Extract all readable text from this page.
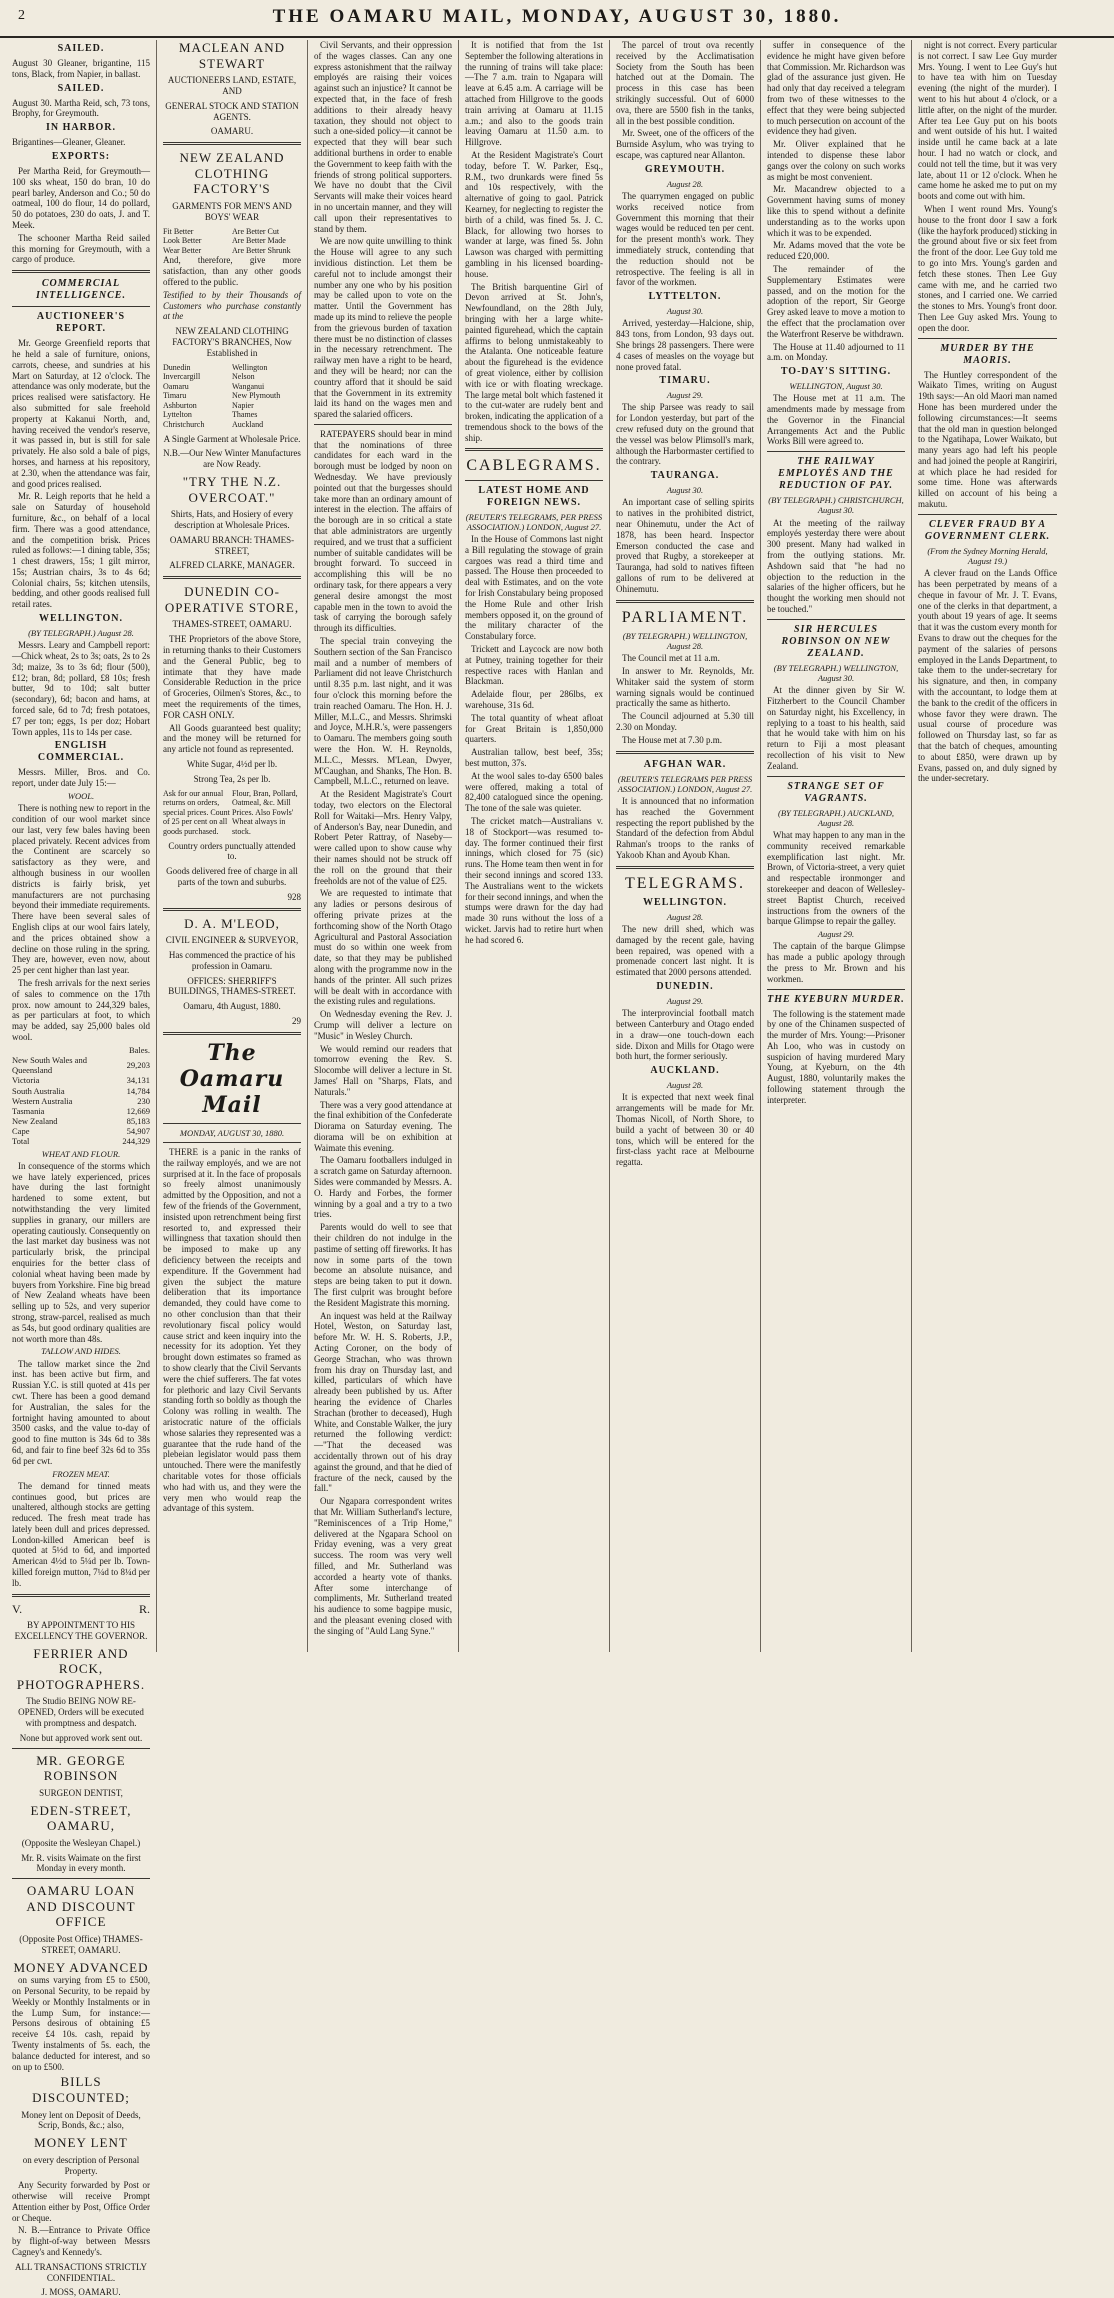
2	THE OAMARU MAIL, MONDAY, AUGUST 30, 1880.
SAILED.

August 30 Gleaner, brigantine, 115 tons, Black, from Napier, in ballast.

SAILED.

August 30. Martha Reid, sch, 73 tons, Brophy, for Greymouth.

IN HARBOR.

Brigantines—Gleaner, Gleaner.

EXPORTS:

Per Martha Reid, for Greymouth—100 sks wheat, 150 do bran, 10 do pearl barley, Anderson and Co.; 50 do oatmeal, 100 do flour, 14 do pollard, 50 do potatoes, 230 do oats, J. and T. Meek.

The schooner Martha Reid sailed this morning for Greymouth, with a cargo of produce.

COMMERCIAL INTELLIGENCE.
AUCTIONEER'S REPORT.

Mr. George Greenfield reports that he held a sale of furniture, onions, carrots, cheese, and sundries at his Mart on Saturday, at 12 o'clock. The attendance was only moderate, but the prices realised were satisfactory. He also submitted for sale freehold property at Kakanui North, and, having received the vendor's reserve, it was passed in, but is still for sale privately. He also sold a bale of pigs, horses, and harness at his repository, at 2.30, when the attendance was fair, and good prices realised.

Mr. R. Leigh reports that he held a sale on Saturday of household furniture, &c., on behalf of a local firm. There was a good attendance, and the competition brisk. Prices ruled as follows:—1 dining table, 35s; 1 chest drawers, 15s; 1 gilt mirror, 15s; Austrian chairs, 3s to 4s 6d; Colonial chairs, 5s; kitchen utensils, bedding, and other goods realised full retail rates.

WELLINGTON.
(BY TELEGRAPH.) August 28.

Messrs. Leary and Campbell report:—Chick wheat, 2s to 3s; oats, 2s to 2s 3d; maize, 3s to 3s 6d; flour (500), £12; bran, 8d; pollard, £8 10s; fresh butter, 9d to 10d; salt butter (secondary), 6d; bacon and hams, at forced sale, 6d to 7d; fresh potatoes, £7 per ton; eggs, 1s per doz; Hobart Town apples, 11s to 14s per case.

ENGLISH COMMERCIAL.

Messrs. Miller, Bros. and Co. report, under date July 15:—

WOOL.

There is nothing new to report in the condition of our wool market since our last, very few bales having been placed privately. Recent advices from the Continent are scarcely so satisfactory as they were, and although business in our woollen districts is fairly brisk, yet manufacturers are not purchasing beyond their immediate requirements. There have been several sales of English clips at our wool fairs lately, and the prices obtained show a decline on those ruling in the spring. They are, however, even now, about 25 per cent higher than last year.

The fresh arrivals for the next series of sales to commence on the 17th prox. now amount to 244,329 bales, as per particulars at foot, to which may be added, say 25,000 bales old wool.

	Bales.
New South Wales and Queensland	29,203
Victoria	34,131
South Australia	14,784
Western Australia	230
Tasmania	12,669
New Zealand	85,183
Cape	54,907
Total	244,329
WHEAT AND FLOUR.

In consequence of the storms which we have lately experienced, prices have during the last fortnight hardened to some extent, but notwithstanding the very limited supplies in granary, our millers are operating cautiously. Consequently on the last market day business was not particularly brisk, the principal enquiries for the better class of colonial wheat having been made by buyers from Yorkshire. Fine big bread of New Zealand wheats have been selling up to 52s, and very superior strong, straw-parcel, realised as much as 54s, but good ordinary qualities are not worth more than 48s.

TALLOW AND HIDES.

The tallow market since the 2nd inst. has been active but firm, and Russian Y.C. is still quoted at 41s per cwt. There has been a good demand for Australian, the sales for the fortnight having amounted to about 3500 casks, and the value to-day of good to fine mutton is 34s 6d to 38s 6d, and fair to fine beef 32s 6d to 35s 6d per cwt.

FROZEN MEAT.

The demand for tinned meats continues good, but prices are unaltered, although stocks are getting reduced. The fresh meat trade has lately been dull and prices depressed. London-killed American beef is quoted at 5½d to 6d, and imported American 4½d to 5¼d per lb. Town-killed foreign mutton, 7¼d to 8¼d per lb.

V.	R.
BY APPOINTMENT TO HIS EXCELLENCY THE GOVERNOR.
FERRIER AND ROCK, PHOTOGRAPHERS.
The Studio BEING NOW RE-OPENED, Orders will be executed with promptness and despatch.
None but approved work sent out.
MR. GEORGE ROBINSON
SURGEON DENTIST,
EDEN-STREET, OAMARU,
(Opposite the Wesleyan Chapel.)
Mr. R. visits Waimate on the first Monday in every month.
OAMARU LOAN AND DISCOUNT OFFICE
(Opposite Post Office) THAMES-STREET, OAMARU.
MONEY ADVANCED

on sums varying from £5 to £500, on Personal Security, to be repaid by Weekly or Monthly Instalments or in the Lump Sum, for instance:—Persons desirous of obtaining £5 receive £4 10s. cash, repaid by Twenty instalments of 5s. each, the balance deducted for interest, and so on up to £500.

BILLS DISCOUNTED;
Money lent on Deposit of Deeds, Scrip, Bonds, &c.; also,
MONEY LENT
on every description of Personal Property.

Any Security forwarded by Post or otherwise will receive Prompt Attention either by Post, Office Order or Cheque.

N. B.—Entrance to Private Office by flight-of-way between Messrs Cagney's and Kennedy's.

ALL TRANSACTIONS STRICTLY CONFIDENTIAL.
J. MOSS, OAMARU.
MACLEAN AND STEWART
AUCTIONEERS LAND, ESTATE, AND
GENERAL STOCK AND STATION AGENTS.
OAMARU.
NEW ZEALAND CLOTHING FACTORY'S
GARMENTS FOR MEN'S AND BOYS' WEAR
Fit Better
Look Better
Wear Better
Are Better Cut
Are Better Made
Are Better Shrunk

And, therefore, give more satisfaction, than any other goods offered to the public.

Testified to by their Thousands of Customers who purchase constantly at the

NEW ZEALAND CLOTHING FACTORY'S BRANCHES, Now Established in
Dunedin
Invercargill
Oamaru
Timaru
Ashburton
Lyttelton
Christchurch
Wellington
Nelson
Wanganui
New Plymouth
Napier
Thames
Auckland
A Single Garment at Wholesale Price.
N.B.—Our New Winter Manufactures are Now Ready.
"TRY THE N.Z. OVERCOAT."
Shirts, Hats, and Hosiery of every description at Wholesale Prices.
OAMARU BRANCH: THAMES-STREET,
ALFRED CLARKE, MANAGER.
DUNEDIN CO-OPERATIVE STORE,
THAMES-STREET, OAMARU.

THE Proprietors of the above Store, in returning thanks to their Customers and the General Public, beg to intimate that they have made Considerable Reduction in the price of Groceries, Oilmen's Stores, &c., to meet the requirements of the times, FOR CASH ONLY.

All Goods guaranteed best quality; and the money will be returned for any article not found as represented.

White Sugar, 4½d per lb.
Strong Tea, 2s per lb.
Ask for our annual returns on orders, special prices. Count of 25 per cent on all goods purchased.
Flour, Bran, Pollard, Oatmeal, &c. Mill Prices. Also Fowls' Wheat always in stock.
Country orders punctually attended to.
Goods delivered free of charge in all parts of the town and suburbs.
928
D. A. M'LEOD,
CIVIL ENGINEER & SURVEYOR,
Has commenced the practice of his profession in Oamaru.
OFFICES: SHERRIFF'S BUILDINGS, THAMES-STREET.
Oamaru, 4th August, 1880.
29
The Oamaru Mail
MONDAY, AUGUST 30, 1880.

THERE is a panic in the ranks of the railway employés, and we are not surprised at it. In the face of proposals so freely almost unanimously admitted by the Opposition, and not a few of the friends of the Government, insisted upon retrenchment being first resorted to, and expressed their willingness that taxation should then be imposed to make up any deficiency between the receipts and expenditure. If the Government had given the subject the mature deliberation that its importance demanded, they could have come to no other conclusion than that their revolutionary fiscal policy would cause strict and keen inquiry into the necessity for its adoption. Yet they brought down estimates so framed as to show clearly that the Civil Servants were the chief sufferers. The fat votes for plethoric and lazy Civil Servants standing forth so boldly as though the Colony was rolling in wealth. The aristocratic nature of the officials whose salaries they represented was a guarantee that the rude hand of the plebeian legislator would pass them untouched. There were the manifestly charitable votes for those officials who had with us, and they were the very men who would reap the advantage of this system.

Civil Servants, and their oppression of the wages classes. Can any one express astonishment that the railway employés are raising their voices against such an injustice? It cannot be expected that, in the face of fresh additions to their already heavy taxation, they should not object to such a one-sided policy—it cannot be expected that they will bear such additional burthens in order to enable the Government to keep faith with the friends of strong political supporters. We have no doubt that the Civil Servants will make their voices heard in no uncertain manner, and they will call upon their representatives to stand by them.

We are now quite unwilling to think the House will agree to any such invidious distinction. Let them be careful not to include amongst their number any one who by his position may be called upon to vote on the matter. Until the Government has made up its mind to relieve the people from the grievous burden of taxation there must be no distinction of classes in the necessary retrenchment. The railway men have a right to be heard, and they will be heard; nor can the country afford that it should be said that the Government in its extremity laid its hand on the wages men and spared the salaried officers.

RATEPAYERS should bear in mind that the nominations of three candidates for each ward in the borough must be lodged by noon on Wednesday. We have previously pointed out that the burgesses should take more than an ordinary amount of interest in the election. The affairs of the borough are in so critical a state that able administrators are urgently required, and we trust that a sufficient number of suitable candidates will be brought forward. To succeed in accomplishing this will be no ordinary task, for there appears a very general desire amongst the most capable men in the town to avoid the task of carrying the borough safely through its difficulties.

The special train conveying the Southern section of the San Francisco mail and a number of members of Parliament did not leave Christchurch until 8.35 p.m. last night, and it was four o'clock this morning before the train reached Oamaru. The Hon. H. J. Miller, M.L.C., and Messrs. Shrimski and Joyce, M.H.R.'s, were passengers to Oamaru. The members going south were the Hon. W. H. Reynolds, M.L.C., Messrs. M'Lean, Dwyer, M'Caughan, and Shanks, The Hon. B. Campbell, M.L.C., returned on leave.

At the Resident Magistrate's Court today, two electors on the Electoral Roll for Waitaki—Mrs. Henry Valpy, of Anderson's Bay, near Dunedin, and Robert Peter Rattray, of Naseby—were called upon to show cause why their names should not be struck off the roll on the ground that their freeholds are not of the value of £25.

We are requested to intimate that any ladies or persons desirous of offering private prizes at the forthcoming show of the North Otago Agricultural and Pastoral Association must do so within one week from date, so that they may be published along with the programme now in the hands of the printer. All such prizes will be dealt with in accordance with the existing rules and regulations.

On Wednesday evening the Rev. J. Crump will deliver a lecture on "Music" in Wesley Church.

We would remind our readers that tomorrow evening the Rev. S. Slocombe will deliver a lecture in St. James' Hall on "Sharps, Flats, and Naturals."

There was a very good attendance at the final exhibition of the Confederate Diorama on Saturday evening. The diorama will be on exhibition at Waimate this evening.

The Oamaru footballers indulged in a scratch game on Saturday afternoon. Sides were commanded by Messrs. A. O. Hardy and Forbes, the former winning by a goal and a try to a two tries.

Parents would do well to see that their children do not indulge in the pastime of setting off fireworks. It has now in some parts of the town become an absolute nuisance, and steps are being taken to put it down. The first culprit was brought before the Resident Magistrate this morning.

An inquest was held at the Railway Hotel, Weston, on Saturday last, before Mr. W. H. S. Roberts, J.P., Acting Coroner, on the body of George Strachan, who was thrown from his dray on Thursday last, and killed, particulars of which have already been published by us. After hearing the evidence of Charles Strachan (brother to deceased), Hugh White, and Constable Walker, the jury returned the following verdict:—"That the deceased was accidentally thrown out of his dray against the ground, and that he died of fracture of the neck, caused by the fall."

Our Ngapara correspondent writes that Mr. William Sutherland's lecture, "Reminiscences of a Trip Home," delivered at the Ngapara School on Friday evening, was a very great success. The room was very well filled, and Mr. Sutherland was accorded a hearty vote of thanks. After some interchange of compliments, Mr. Sutherland treated his audience to some bagpipe music, and the pleasant evening closed with the singing of "Auld Lang Syne."

It is notified that from the 1st September the following alterations in the running of trains will take place:—The 7 a.m. train to Ngapara will leave at 6.45 a.m. A carriage will be attached from Hillgrove to the goods train arriving at Oamaru at 11.15 a.m.; and also to the goods train leaving Oamaru at 11.50 a.m. to Hillgrove.

At the Resident Magistrate's Court today, before T. W. Parker, Esq., R.M., two drunkards were fined 5s and 10s respectively, with the alternative of going to gaol. Patrick Kearney, for neglecting to register the birth of a child, was fined 5s. J. C. Black, for allowing two horses to wander at large, was fined 5s. John Lawson was charged with permitting gambling in his licensed boarding-house.

The British barquentine Girl of Devon arrived at St. John's, Newfoundland, on the 28th July, bringing with her a large white-painted figurehead, which the captain affirms to belong unmistakeably to the Atalanta. One noticeable feature about the figurehead is the evidence of great violence, either by collision with ice or with floating wreckage. The large metal bolt which fastened it to the cut-water are rudely bent and broken, indicating the application of a tremendous shock to the bows of the ship.

CABLEGRAMS.
LATEST HOME AND FOREIGN NEWS.
(REUTER'S TELEGRAMS, PER PRESS ASSOCIATION.) LONDON, August 27.

In the House of Commons last night a Bill regulating the stowage of grain cargoes was read a third time and passed. The House then proceeded to deal with Estimates, and on the vote for Irish Constabulary being proposed the Home Rule and other Irish members opposed it, on the ground of the military character of the Constabulary force.

Trickett and Laycock are now both at Putney, training together for their respective races with Hanlan and Blackman.

Adelaide flour, per 286lbs, ex warehouse, 31s 6d.

The total quantity of wheat afloat for Great Britain is 1,850,000 quarters.

Australian tallow, best beef, 35s; best mutton, 37s.

At the wool sales to-day 6500 bales were offered, making a total of 82,400 catalogued since the opening. The tone of the sale was quieter.

The cricket match—Australians v. 18 of Stockport—was resumed to-day. The former continued their first innings, which closed for 75 (sic) runs. The Home team then went in for their second innings and scored 133. The Australians went to the wickets for their second innings, and when the stumps were drawn for the day had made 30 runs without the loss of a wicket. Jarvis had to retire hurt when he had scored 6.

The parcel of trout ova recently received by the Acclimatisation Society from the South has been hatched out at the Domain. The process in this case has been strikingly successful. Out of 6000 ova, there are 5500 fish in the tanks, all in the best possible condition.

Mr. Sweet, one of the officers of the Burnside Asylum, who was trying to escape, was captured near Allanton.

GREYMOUTH.
August 28.

The quarrymen engaged on public works received notice from Government this morning that their wages would be reduced ten per cent. for the present month's work. They immediately struck, contending that the reduction should not be retrospective. The feeling is all in favor of the workmen.

LYTTELTON.
August 30.

Arrived, yesterday—Halcione, ship, 843 tons, from London, 93 days out. She brings 28 passengers. There were 4 cases of measles on the voyage but none proved fatal.

TIMARU.
August 29.

The ship Parsee was ready to sail for London yesterday, but part of the crew refused duty on the ground that the vessel was below Plimsoll's mark, although the Harbormaster certified to the contrary.

TAURANGA.
August 30.

An important case of selling spirits to natives in the prohibited district, near Ohinemutu, under the Act of 1878, has been heard. Inspector Emerson conducted the case and proved that Rugby, a storekeeper at Tauranga, had sold to natives fifteen gallons of rum to be delivered at Ohinemutu.

PARLIAMENT.
(BY TELEGRAPH.) WELLINGTON, August 28.

The Council met at 11 a.m.

In answer to Mr. Reynolds, Mr. Whitaker said the system of storm warning signals would be continued practically the same as hitherto.

The Council adjourned at 5.30 till 2.30 on Monday.

The House met at 7.30 p.m.

AFGHAN WAR.
(REUTER'S TELEGRAMS PER PRESS ASSOCIATION.) LONDON, August 27.

It is announced that no information has reached the Government respecting the report published by the Standard of the defection from Abdul Rahman's troops to the ranks of Yakoob Khan and Ayoub Khan.

TELEGRAMS.
WELLINGTON.
August 28.

The new drill shed, which was damaged by the recent gale, having been repaired, was opened with a promenade concert last night. It is estimated that 2000 persons attended.

DUNEDIN.
August 29.

The interprovincial football match between Canterbury and Otago ended in a draw—one touch-down each side. Dixon and Mills for Otago were both hurt, the former seriously.

AUCKLAND.
August 28.

It is expected that next week final arrangements will be made for Mr. Thomas Nicoll, of North Shore, to build a yacht of between 30 or 40 tons, which will be entered for the first-class yacht race at Melbourne regatta.

suffer in consequence of the evidence he might have given before that Commission. Mr. Richardson was glad of the assurance just given. He had only that day received a telegram from two of these witnesses to the effect that they were being subjected to much persecution on account of the evidence they had given.

Mr. Oliver explained that he intended to dispense these labor gangs over the colony on such works as might be most convenient.

Mr. Macandrew objected to a Government having sums of money like this to spend without a definite understanding as to the works upon which it was to be expended.

Mr. Adams moved that the vote be reduced £20,000.

The remainder of the Supplementary Estimates were passed, and on the motion for the adoption of the report, Sir George Grey asked leave to move a motion to the effect that the proclamation over the Waterfront Reserve be withdrawn.

The House at 11.40 adjourned to 11 a.m. on Monday.

TO-DAY'S SITTING.
WELLINGTON, August 30.

The House met at 11 a.m. The amendments made by message from the Governor in the Financial Arrangements Act and the Public Works Bill were agreed to.

THE RAILWAY EMPLOYÉS AND THE REDUCTION OF PAY.
(BY TELEGRAPH.) CHRISTCHURCH, August 30.

At the meeting of the railway employés yesterday there were about 300 present. Many had walked in from the outlying stations. Mr. Ashdown said that "he had no objection to the reduction in the salaries of the higher officers, but he thought the working men should not be touched."

SIR HERCULES ROBINSON ON NEW ZEALAND.
(BY TELEGRAPH.) WELLINGTON, August 30.

At the dinner given by Sir W. Fitzherbert to the Council Chamber on Saturday night, his Excellency, in replying to a toast to his health, said that he would take with him on his return to Fiji a most pleasant recollection of his visit to New Zealand.

STRANGE SET OF VAGRANTS.
(BY TELEGRAPH.) AUCKLAND, August 28.

What may happen to any man in the community received remarkable exemplification last night. Mr. Brown, of Victoria-street, a very quiet and respectable ironmonger and storekeeper and deacon of Wellesley-street Baptist Church, received instructions from the owners of the barque Glimpse to repair the galley.

August 29.

The captain of the barque Glimpse has made a public apology through the press to Mr. Brown and his workmen.

THE KYEBURN MURDER.

The following is the statement made by one of the Chinamen suspected of the murder of Mrs. Young:—Prisoner Ah Loo, who was in custody on suspicion of having murdered Mary Young, at Kyeburn, on the 4th August, 1880, voluntarily makes the following statement through the interpreter.

night is not correct. Every particular is not correct. I saw Lee Guy murder Mrs. Young. I went to Lee Guy's hut to have tea with him on Tuesday evening (the night of the murder). I went to his hut about 4 o'clock, or a little after, on the night of the murder. After tea Lee Guy put on his boots and went outside of his hut. I waited inside until he came back at a late hour. I had no watch or clock, and could not tell the time, but it was very late, about 11 or 12 o'clock. When he came home he asked me to put on my boots and come out with him.

When I went round Mrs. Young's house to the front door I saw a fork (like the hayfork produced) sticking in the ground about five or six feet from the front of the door. Lee Guy told me to go into Mrs. Young's garden and fetch these stones. Then Lee Guy came with me, and he carried two stones, and I carried one. We carried the stones to Mrs. Young's front door. Then Lee Guy asked Mrs. Young to open the door.

MURDER BY THE MAORIS.

The Huntley correspondent of the Waikato Times, writing on August 19th says:—An old Maori man named Hone has been murdered under the following circumstances:—It seems that the old man in question belonged to the Ngatihapa, Lower Waikato, but many years ago had left his people and had joined the people at Rangiriri, at which place he had resided for some time. Hone was afterwards killed on account of his being a makutu.

CLEVER FRAUD BY A GOVERNMENT CLERK.
(From the Sydney Morning Herald, August 19.)

A clever fraud on the Lands Office has been perpetrated by means of a cheque in favour of Mr. J. T. Evans, one of the clerks in that department, a youth about 19 years of age. It seems that it was the custom every month for Evans to draw out the cheques for the payment of the salaries of persons employed in the Lands Department, to take them to the under-secretary for his signature, and then, in company with the accountant, to lodge them at the bank to the credit of the officers in whose favor they were drawn. The usual course of procedure was followed on Thursday last, so far as that the batch of cheques, amounting to about £850, were drawn up by Evans, passed on, and duly signed by the under-secretary.
